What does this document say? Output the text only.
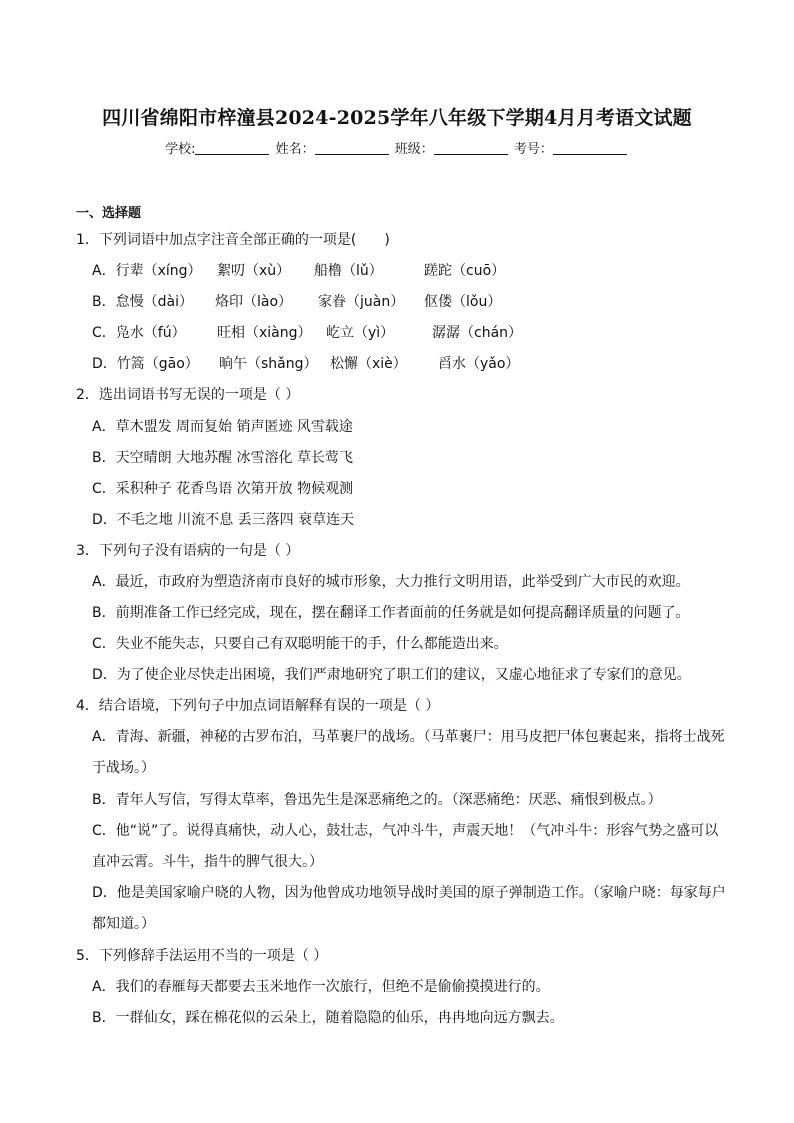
四川省绵阳市梓潼县2024-2025学年八年级下学期4月月考语文试题
学校:	姓名：	班级：	考号：
一、选择题
1．下列词语中加点字注音全部正确的一项是(　　)
A．行辈（xíng） 絮叨（xù） 船橹（lǔ）	蹉跎（cuō）
B．怠慢（dài） 烙印（lào） 家眷（juàn） 伛偻（lǒu）
C．凫水（fú） 旺相（xiàng） 屹立（yì）	潺潺（chán）
D．竹篙（gāo） 晌午（shǎng） 松懈（xiè） 舀水（yǎo）
2．选出词语书写无误的一项是（ ）
A．草木盟发 周而复始 销声匿迹 风雪载途
B．天空晴朗 大地苏醒 冰雪溶化 草长莺飞
C．采积种子 花香鸟语 次第开放 物候观测
D．不毛之地 川流不息 丢三落四 衰草连天
3．下列句子没有语病的一句是（ ）
A．最近，市政府为塑造济南市良好的城市形象，大力推行文明用语，此举受到广大市民的欢迎。
B．前期准备工作已经完成，现在，摆在翻译工作者面前的任务就是如何提高翻译质量的问题了。
C．失业不能失志，只要自己有双聪明能干的手，什么都能造出来。
D．为了使企业尽快走出困境，我们严肃地研究了职工们的建议，又虚心地征求了专家们的意见。
4．结合语境，下列句子中加点词语解释有误的一项是（ ）
A．青海、新疆，神秘的古罗布泊，马革裹尸的战场。（马革裹尸：用马皮把尸体包裹起来，指将士战死
于战场。）
B．青年人写信，写得太草率，鲁迅先生是深恶痛绝之的。（深恶痛绝：厌恶、痛恨到极点。）
C．他“说”了。说得真痛快，动人心，鼓壮志，气冲斗牛，声震天地！（气冲斗牛：形容气势之盛可以
直冲云霄。斗牛，指牛的脾气很大。）
D．他是美国家喻户晓的人物，因为他曾成功地领导战时美国的原子弹制造工作。（家喻户晓：每家每户
都知道。）
5．下列修辞手法运用不当的一项是（ ）
A．我们的春雁每天都要去玉米地作一次旅行，但绝不是偷偷摸摸进行的。
B．一群仙女，踩在棉花似的云朵上，随着隐隐的仙乐，冉冉地向远方飘去。
